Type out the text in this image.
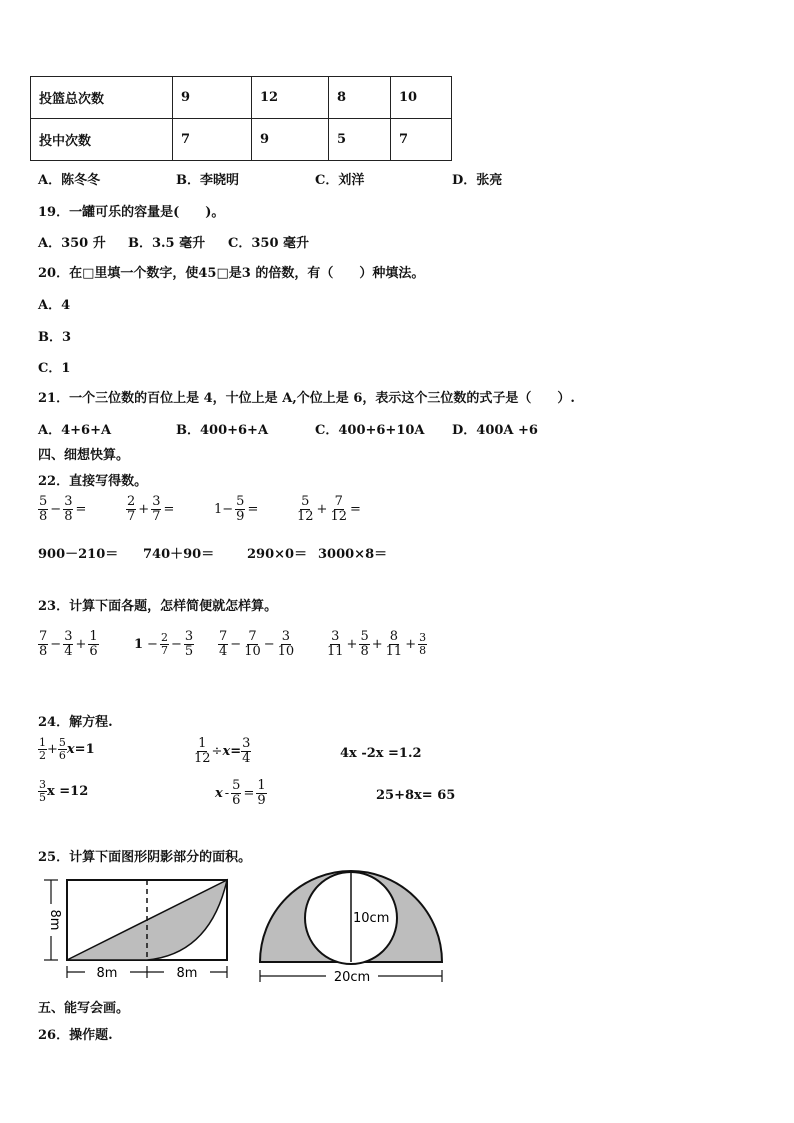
投篮总次数	9	12	8	10
投中次数	7	9	5	7
A．陈冬冬	B．李晓明	C．刘洋	D．张亮
19．一罐可乐的容量是(　　)。
A．350 升 B．3.5 毫升 C．350 毫升
20．在□里填一个数字，使45□是3 的倍数，有（　　）种填法。
A．4
B．3
C．1
21．一个三位数的百位上是 4，十位上是 A,个位上是 6，表示这个三位数的式子是（　　）.
A．4+6+A	B．400+6+A	C．400+6+10A D．400A +6
四、细想快算。
22．直接写得数。
$\frac{5}{8} - \frac{3}{8}$ =	$\frac{2}{7} + \frac{3}{7}$ =	$1- \frac{5}{9}$ =	$\frac{5}{12} + \frac{7}{12}$ =
900－210＝ 740＋90＝	290×0＝ 3000×8＝
23．计算下面各题，怎样简便就怎样算。
$\frac{7}{8} - \frac{3}{4} + \frac{1}{6}$	$1 - \frac{2}{7} - \frac{3}{5} \frac{7}{4} - \frac{7}{10} - \frac{3}{10} \frac{3}{11} + \frac{5}{8} + \frac{8}{11} + \frac{3}{8}$
24．解方程.
$\frac{1}{2} + \frac{5}{6} x=1$	$\frac{1}{12} \div x = \frac{3}{4}$	4x -2x =1.2
$\frac{3}{5}$ x =12	$x - \frac{5}{6} = \frac{1}{9}$	25+8x= 65
25．计算下面图形阴影部分的面积。
8m
8m	8m
10cm
20cm
五、能写会画。
26．操作题.
